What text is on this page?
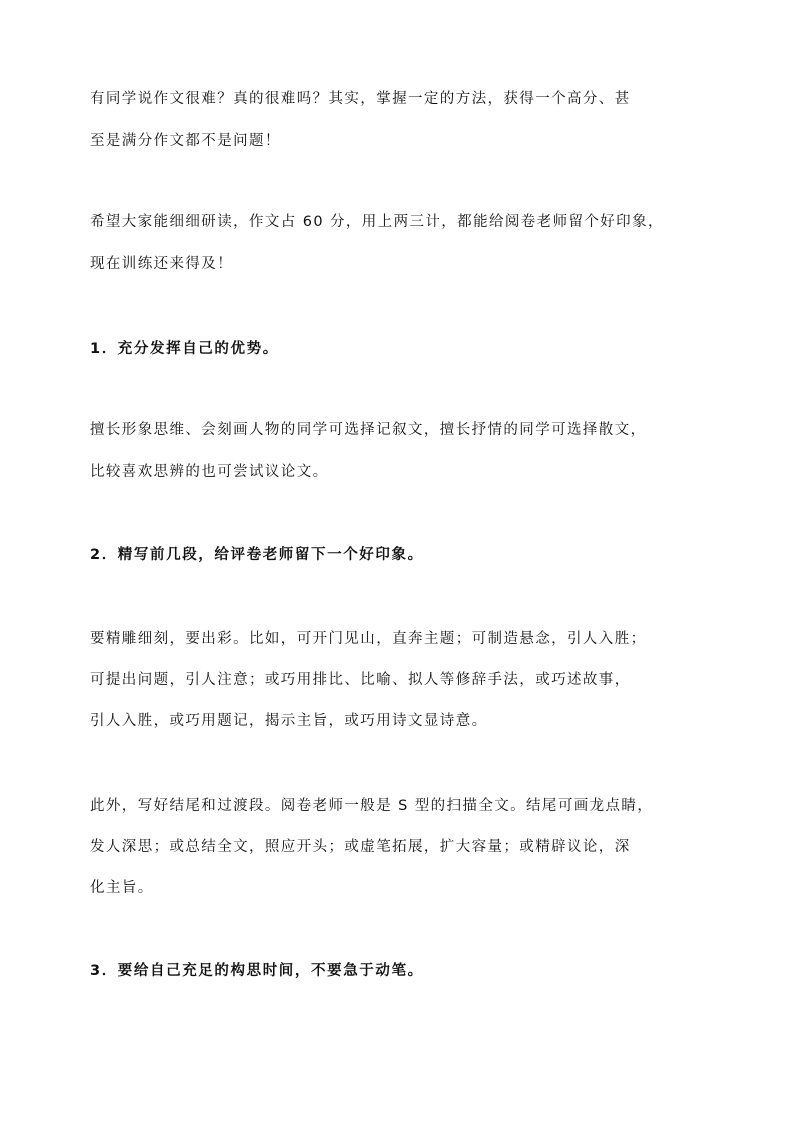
有同学说作文很难？真的很难吗？其实，掌握一定的方法，获得一个高分、甚
至是满分作文都不是问题！
希望大家能细细研读，作文占 60 分，用上两三计，都能给阅卷老师留个好印象，
现在训练还来得及！
1．充分发挥自己的优势。
擅长形象思维、会刻画人物的同学可选择记叙文，擅长抒情的同学可选择散文，
比较喜欢思辨的也可尝试议论文。
2．精写前几段，给评卷老师留下一个好印象。
要精雕细刻，要出彩。比如，可开门见山，直奔主题；可制造悬念，引人入胜；
可提出问题，引人注意；或巧用排比、比喻、拟人等修辞手法，或巧述故事，
引人入胜，或巧用题记，揭示主旨，或巧用诗文显诗意。
此外，写好结尾和过渡段。阅卷老师一般是 S 型的扫描全文。结尾可画龙点睛，
发人深思；或总结全文，照应开头；或虚笔拓展，扩大容量；或精辟议论，深
化主旨。
3．要给自己充足的构思时间，不要急于动笔。
